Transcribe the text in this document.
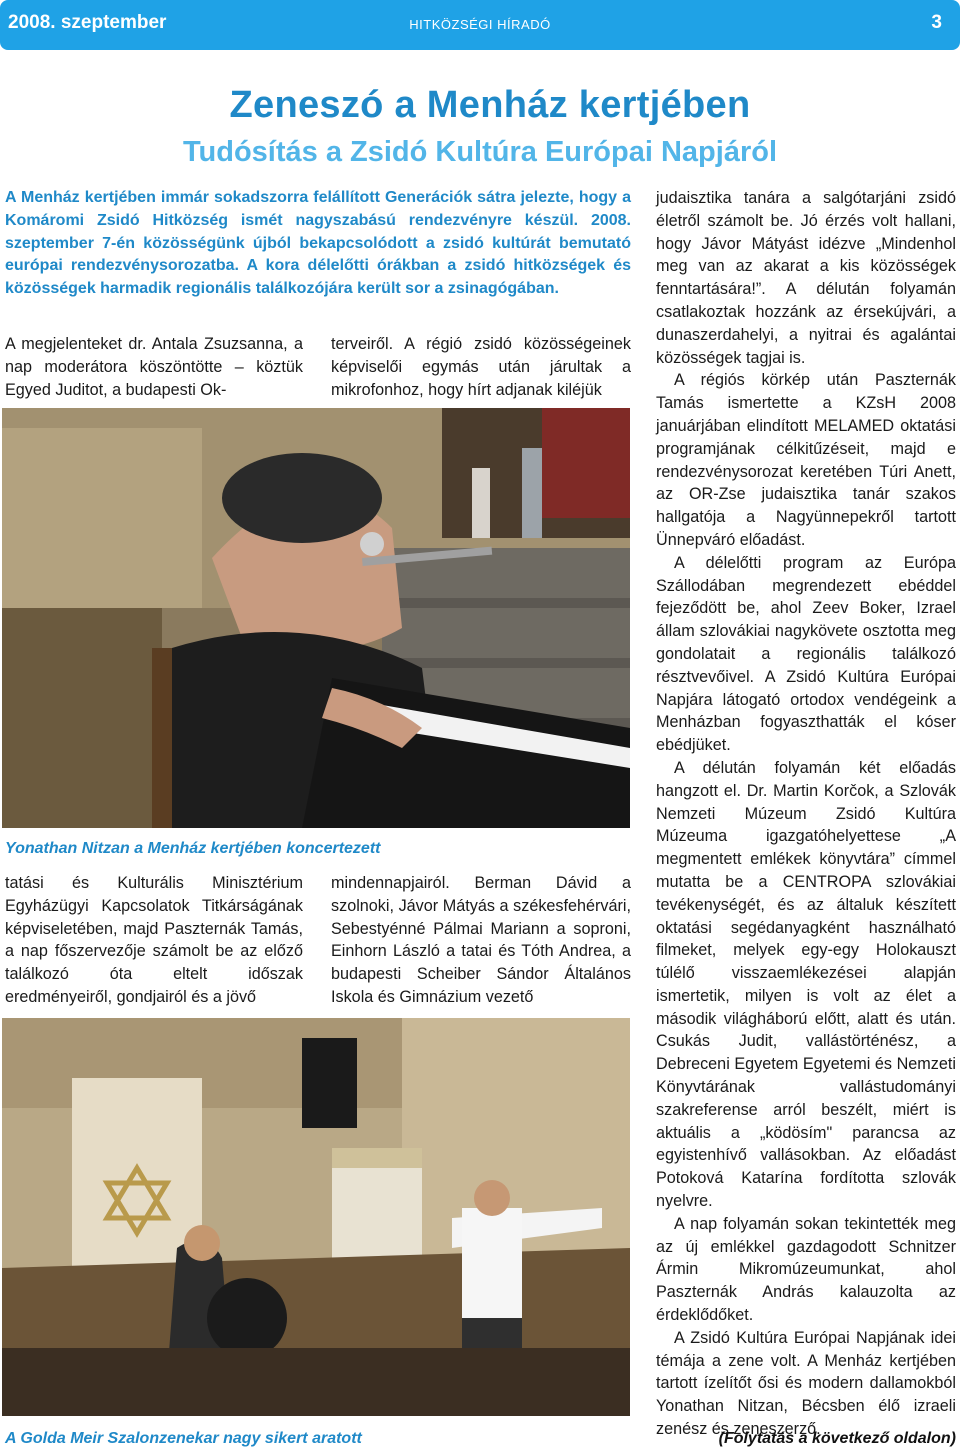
2008. szeptember	HITKÖZSÉGI HÍRADÓ	3
Zeneszó a Menház kertjében
Tudósítás a Zsidó Kultúra Európai Napjáról

A Menház kertjében immár sokadszorra felállított Generációk sátra jelezte, hogy a Komáromi Zsidó Hitközség ismét nagyszabású rendezvényre készül. 2008. szeptember 7-én közösségünk újból bekapcsolódott a zsidó kultúrát bemutató európai rendezvénysorozatba. A kora délelőtti órákban a zsidó hitközségek és közösségek harmadik regionális találkozójára került sor a zsinagógában.

A megjelenteket dr. Antala Zsuzsanna, a nap moderátora köszöntötte – köztük Egyed Juditot, a budapesti Ok-

terveiről. A régió zsidó közösségeinek képviselői egymás után járultak a mikrofonhoz, hogy hírt adjanak kiléjük

Yonathan Nitzan a Menház kertjében koncertezett

tatási és Kulturális Minisztérium Egyházügyi Kapcsolatok Titkárságának képviseletében, majd Paszternák Tamás, a nap főszervezője számolt be az előző találkozó óta eltelt időszak eredményeiről, gondjairól és a jövő

mindennapjairól. Berman Dávid a szolnoki, Jávor Mátyás a székesfehérvári, Sebestyénné Pálmai Mariann a soproni, Einhorn László a tatai és Tóth Andrea, a budapesti Scheiber Sándor Általános Iskola és Gimnázium vezető

A Golda Meir Szalonzenekar nagy sikert aratott

judaisztika tanára a salgótarjáni zsidó életről számolt be. Jó érzés volt hallani, hogy Jávor Mátyást idézve „Mindenhol meg van az akarat a kis közösségek fenntartására!”. A délután folyamán csatlakoztak hozzánk az érsekújvári, a dunaszerdahelyi, a nyitrai és agalántai közösségek tagjai is.

A régiós körkép után Paszternák Tamás ismertette a KZsH 2008 januárjában elindított MELAMED oktatási programjának célkitűzéseit, majd e rendezvénysorozat keretében Túri Anett, az OR-Zse judaisztika tanár szakos hallgatója a Nagyünnepekről tartott Ünnepváró előadást.

A délelőtti program az Európa Szállodában megrendezett ebéddel fejeződött be, ahol Zeev Boker, Izrael állam szlovákiai nagykövete osztotta meg gondolatait a regionális találkozó résztvevőivel. A Zsidó Kultúra Európai Napjára látogató ortodox vendégeink a Menházban fogyaszthatták el kóser ebédjüket.

A délután folyamán két előadás hangzott el. Dr. Martin Korčok, a Szlovák Nemzeti Múzeum Zsidó Kultúra Múzeuma igazgatóhelyettese „A megmentett emlékek könyvtára” címmel mutatta be a CENTROPA szlovákiai tevékenységét, és az általuk készített oktatási segédanyagként használható filmeket, melyek egy-egy Holokauszt túlélő visszaemlékezései alapján ismertetik, milyen is volt az élet a második világháború előtt, alatt és után. Csukás Judit, vallástörténész, a Debreceni Egyetem Egyetemi és Nemzeti Könyvtárának vallástudományi szakreferense arról beszélt, miért is aktuális a „ködösím" parancsa az egyistenhívő vallásokban. Az előadást Potoková Katarína fordította szlovák nyelvre.

A nap folyamán sokan tekintették meg az új emlékkel gazdagodott Schnitzer Ármin Mikromúzeumunkat, ahol Paszternák András kalauzolta az érdeklődőket.

A Zsidó Kultúra Európai Napjának idei témája a zene volt. A Menház kertjében tartott ízelítőt ősi és modern dallamokból Yonathan Nitzan, Bécsben élő izraeli zenész és zeneszerző.

(Folytatás a következő oldalon)
